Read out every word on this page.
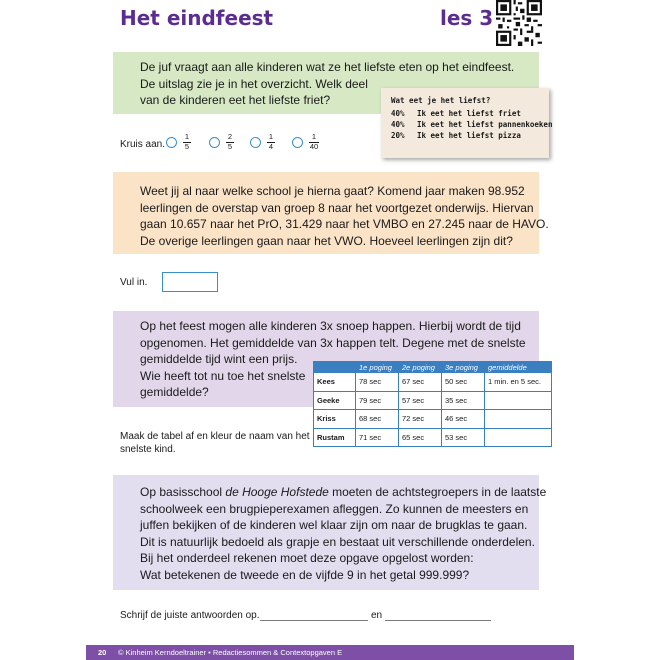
Het eindfeest	les 3
De juf vraagt aan alle kinderen wat ze het liefste eten op het eindfeest.
De uitslag zie je in het overzicht. Welk deel
van de kinderen eet het liefste friet?	Wat eet je het liefst?
40% Ik eet het liefst friet
40% Ik eet het liefst pannenkoeken
20% Ik eet het liefst pizza
Kruis aan. $\frac{1}{5}$	$\frac{2}{5}$	$\frac{1}{4}$	$\frac{1}{40}$
Weet jij al naar welke school je hierna gaat? Komend jaar maken 98.952
leerlingen de overstap van groep 8 naar het voortgezet onderwijs. Hiervan
gaan 10.657 naar het PrO, 31.429 naar het VMBO en 27.245 naar de HAVO.
De overige leerlingen gaan naar het VWO. Hoeveel leerlingen zijn dit?
Vul in.
Op het feest mogen alle kinderen 3x snoep happen. Hierbij wordt de tijd
opgenomen. Het gemiddelde van 3x happen telt. Degene met de snelste
gemiddelde tijd wint een prijs.
Wie heeft tot nu toe het snelste
gemiddelde?
Maak de tabel af en kleur de naam van het snelste kind.
	1e poging	2e poging	3e poging	gemiddelde
Kees	78 sec	67 sec	50 sec	1 min. en 5 sec.
Geeke	79 sec	57 sec	35 sec	
Kriss	68 sec	72 sec	46 sec	
Rustam	71 sec	65 sec	53 sec	
Op basisschool de Hooge Hofstede moeten de achtstegroepers in de laatste
schoolweek een brugpieperexamen afleggen. Zo kunnen de meesters en
juffen bekijken of de kinderen wel klaar zijn om naar de brugklas te gaan.
Dit is natuurlijk bedoeld als grapje en bestaat uit verschillende onderdelen.
Bij het onderdeel rekenen moet deze opgave opgelost worden:
Wat betekenen de tweede en de vijfde 9 in het getal 999.999?
Schrijf de juiste antwoorden op.	en
20 © Kinheim Kerndoeltrainer • Redactiesommen & Contextopgaven E
